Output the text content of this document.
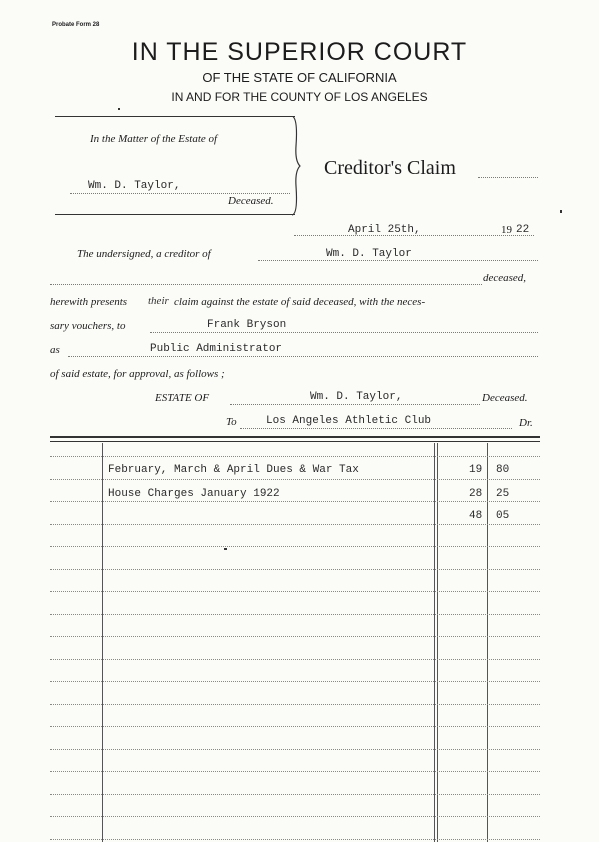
Probate Form 28
IN THE SUPERIOR COURT
OF THE STATE OF CALIFORNIA
IN AND FOR THE COUNTY OF LOS ANGELES
In the Matter of the Estate of
Wm. D. Taylor,
Deceased.
Creditor's Claim
April 25th,	19 22
The undersigned, a creditor of	Wm. D. Taylor
deceased,
herewith presents their claim against the estate of said deceased, with the neces-
sary vouchers, to	Frank Bryson
as	Public Administrator
of said estate, for approval, as follows ;
ESTATE OF	Wm. D. Taylor,	Deceased.
To	Los Angeles Athletic Club	Dr.
February, March & April Dues & War Tax	19 80
House Charges January 1922	28 25
48 05
